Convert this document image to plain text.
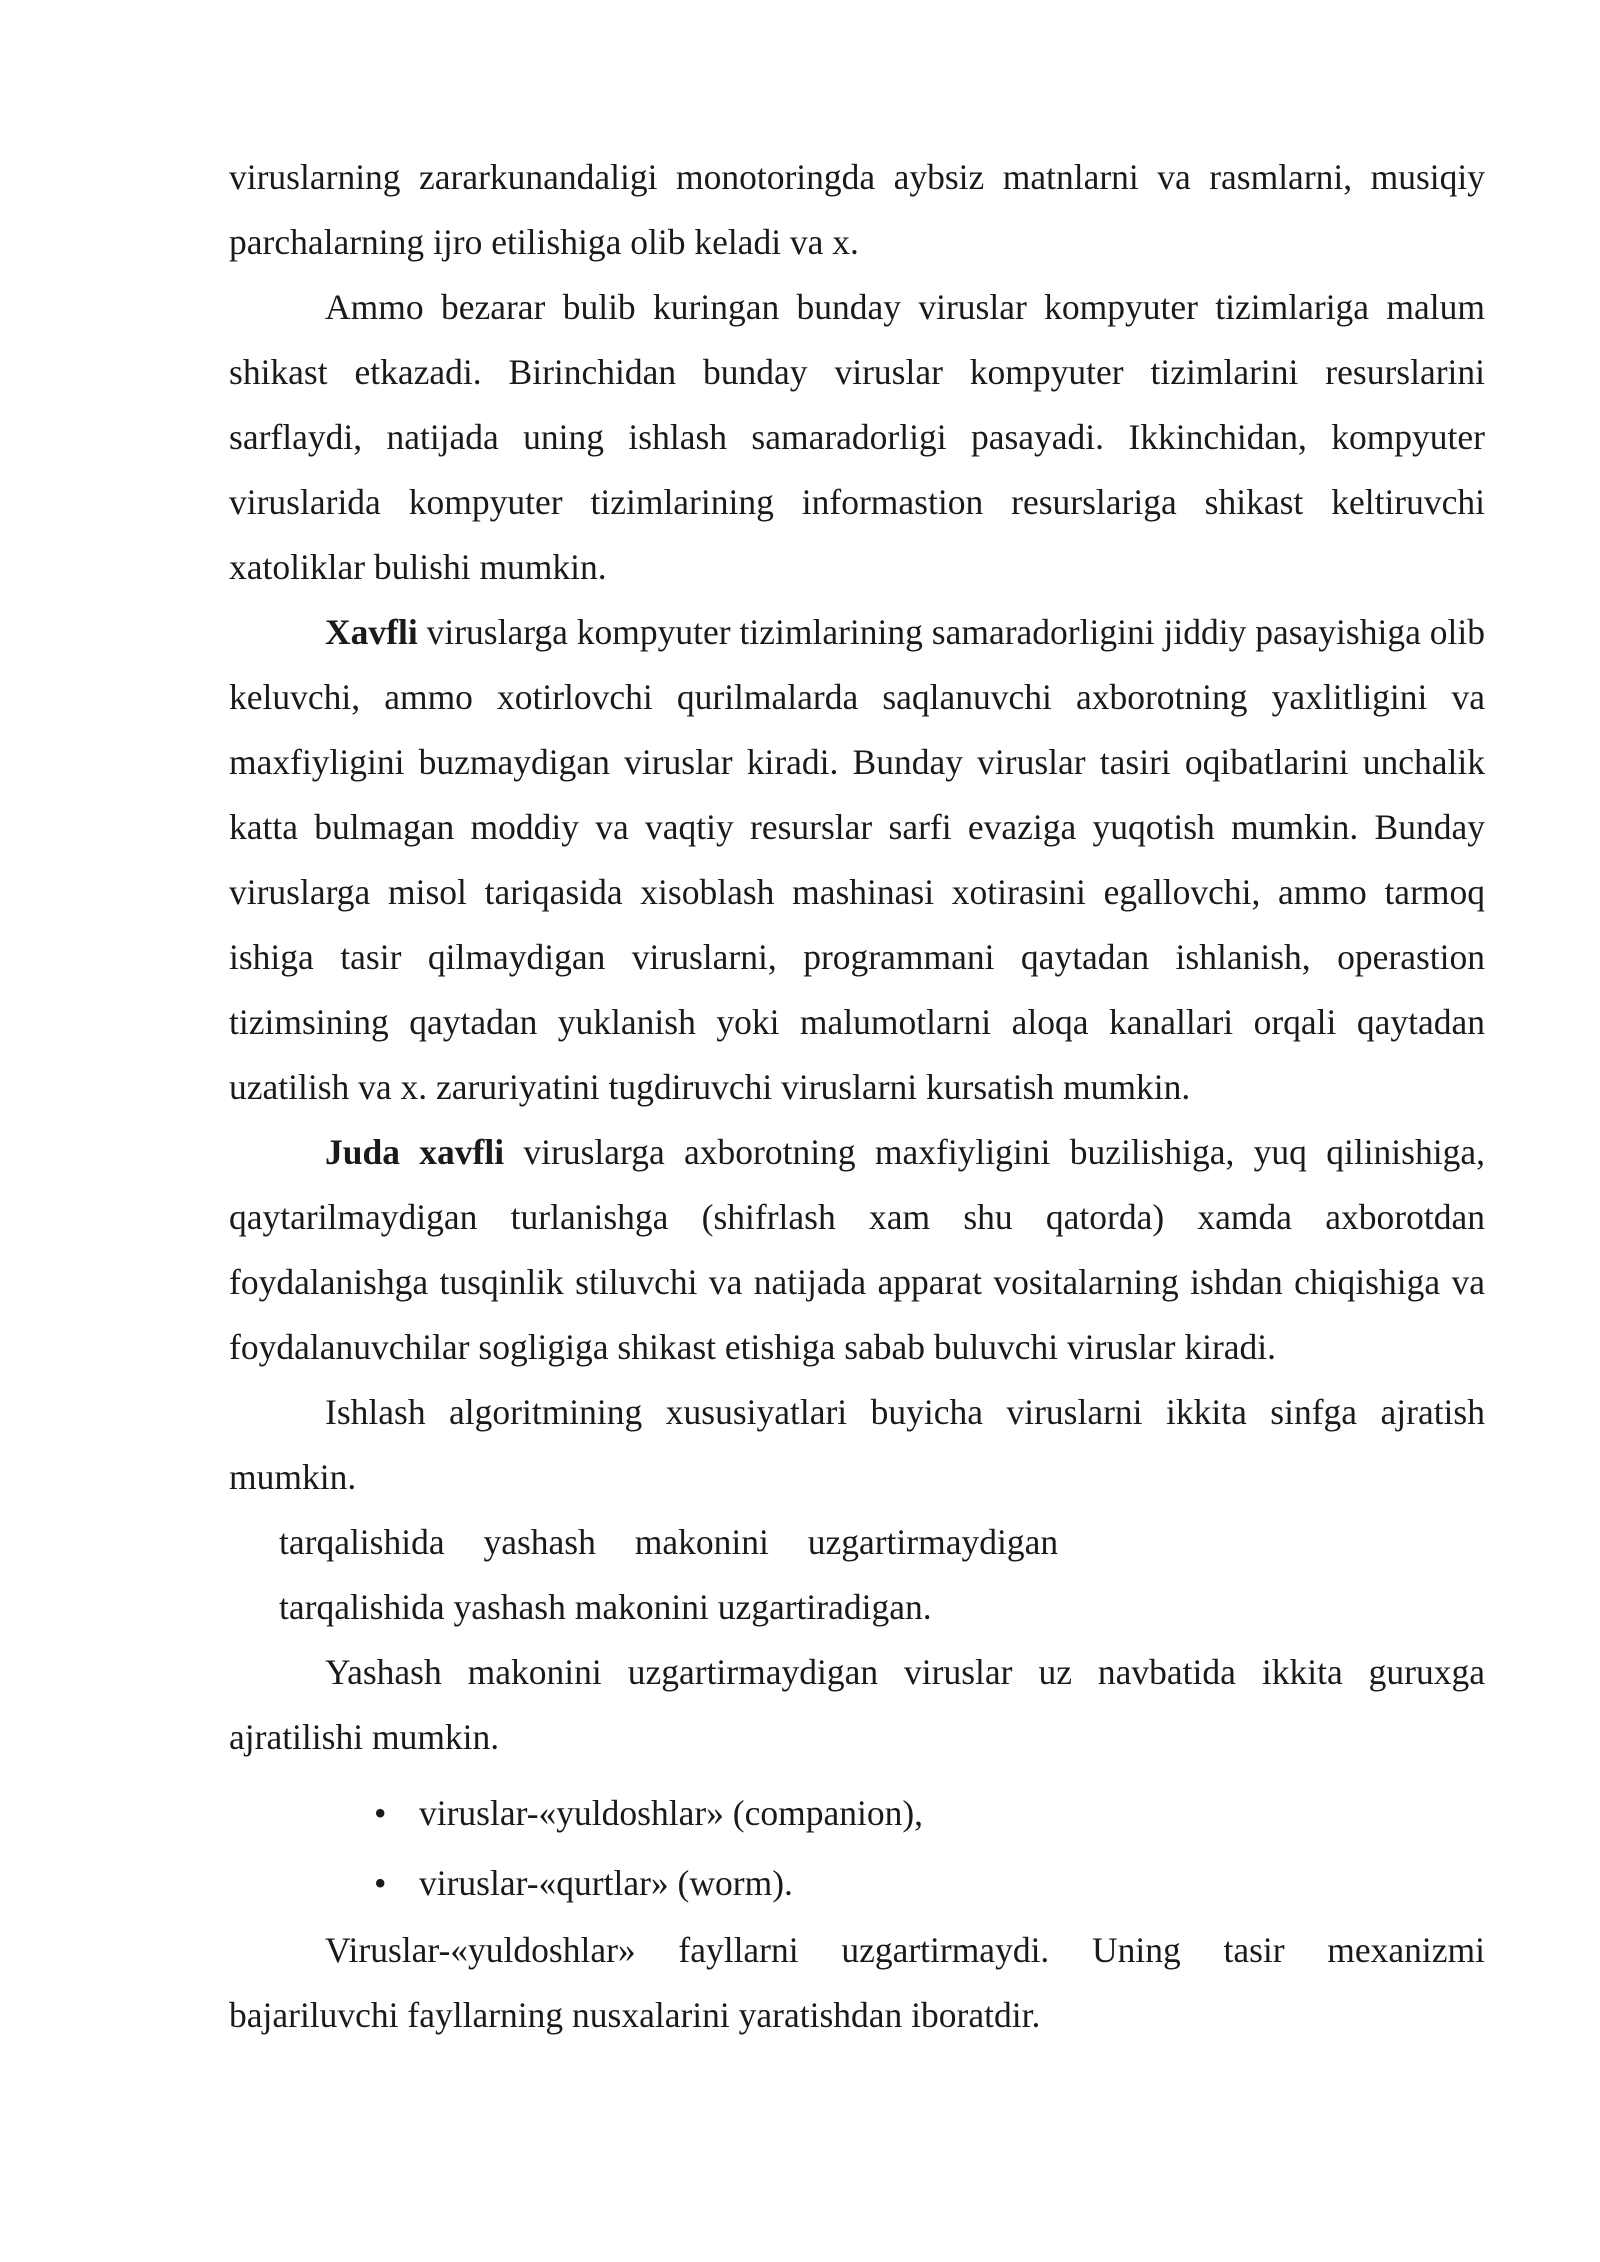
viruslarning zararkunandaligi monotoringda aybsiz matnlarni va rasmlarni, musiqiy parchalarning ijro etilishiga olib keladi va x.

Ammo bezarar bulib kuringan bunday viruslar kompyuter tizimlariga malum shikast etkazadi. Birinchidan bunday viruslar kompyuter tizimlarini resurslarini sarflaydi, natijada uning ishlash samaradorligi pasayadi. Ikkinchidan, kompyuter viruslarida kompyuter tizimlarining informastion resurslariga shikast keltiruvchi xatoliklar bulishi mumkin.

Xavfli viruslarga kompyuter tizimlarining samaradorligini jiddiy pasayishiga olib keluvchi, ammo xotirlovchi qurilmalarda saqlanuvchi axborotning yaxlitligini va maxfiyligini buzmaydigan viruslar kiradi. Bunday viruslar tasiri oqibatlarini unchalik katta bulmagan moddiy va vaqtiy resurslar sarfi evaziga yuqotish mumkin. Bunday viruslarga misol tariqasida xisoblash mashinasi xotirasini egallovchi, ammo tarmoq ishiga tasir qilmaydigan viruslarni, programmani qaytadan ishlanish, operastion tizimsining qaytadan yuklanish yoki malumotlarni aloqa kanallari orqali qaytadan uzatilish va x. zaruriyatini tugdiruvchi viruslarni kursatish mumkin.

Juda xavfli viruslarga axborotning maxfiyligini buzilishiga, yuq qilinishiga, qaytarilmaydigan turlanishga (shifrlash xam shu qatorda) xamda axborotdan foydalanishga tusqinlik stiluvchi va natijada apparat vositalarning ishdan chiqishiga va foydalanuvchilar sogligiga shikast etishiga sabab buluvchi viruslar kiradi.

Ishlash algoritmining xususiyatlari buyicha viruslarni ikkita sinfga ajratish mumkin.

tarqalishida yashash makonini uzgartirmaydigan
tarqalishida yashash makonini uzgartiradigan.

Yashash makonini uzgartirmaydigan viruslar uz navbatida ikkita guruxga ajratilishi mumkin.

• viruslar-«yuldoshlar» (companion),
• viruslar-«qurtlar» (worm).

Viruslar-«yuldoshlar» fayllarni uzgartirmaydi. Uning tasir mexanizmi bajariluvchi fayllarning nusxalarini yaratishdan iboratdir.
